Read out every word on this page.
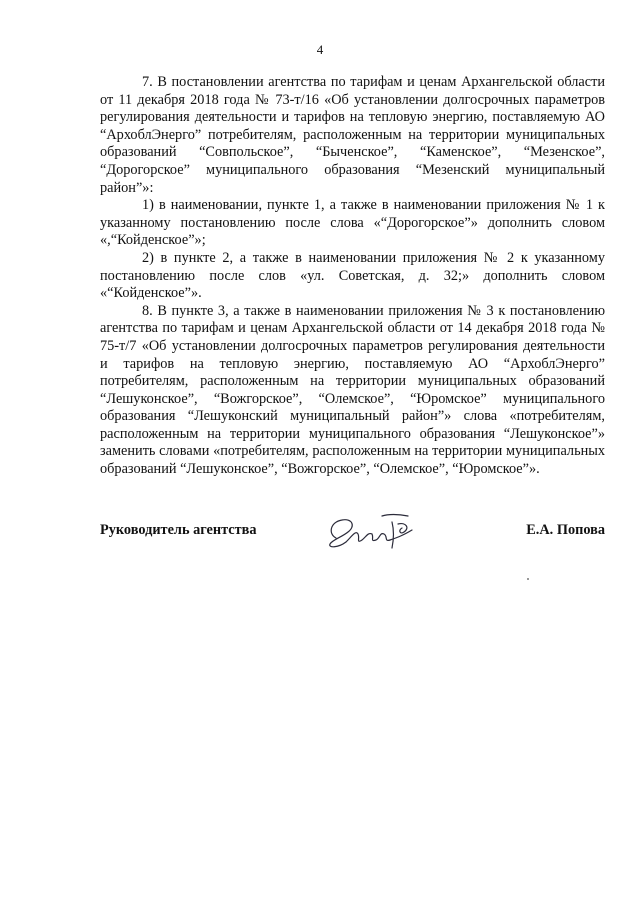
4

7. В постановлении агентства по тарифам и ценам Архангельской области от 11 декабря 2018 года № 73-т/16 «Об установлении долгосрочных параметров регулирования деятельности и тарифов на тепловую энергию, поставляемую АО “АрхоблЭнерго” потребителям, расположенным на территории муниципальных образований “Совпольское”, “Быченское”, “Каменское”, “Мезенское”, “Дорогорское” муниципального образования “Мезенский муниципальный район”»:

1) в наименовании, пункте 1, а также в наименовании приложения № 1 к указанному постановлению после слова «“Дорогорское”» дополнить словом «,“Койденское”»;

2) в пункте 2, а также в наименовании приложения № 2 к указанному постановлению после слов «ул. Советская, д. 32;» дополнить словом «“Койденское”».

8. В пункте 3, а также в наименовании приложения № 3 к постановлению агентства по тарифам и ценам Архангельской области от 14 декабря 2018 года № 75-т/7 «Об установлении долгосрочных параметров регулирования деятельности и тарифов на тепловую энергию, поставляемую АО “АрхоблЭнерго” потребителям, расположенным на территории муниципальных образований “Лешуконское”, “Вожгорское”, “Олемское”, “Юромское” муниципального образования “Лешуконский муниципальный район”» слова «потребителям, расположенным на территории муниципального образования “Лешуконское”» заменить словами «потребителям, расположенным на территории муниципальных образований “Лешуконское”, “Вожгорское”, “Олемское”, “Юромское”».

Руководитель агентства	Е.А. Попова
